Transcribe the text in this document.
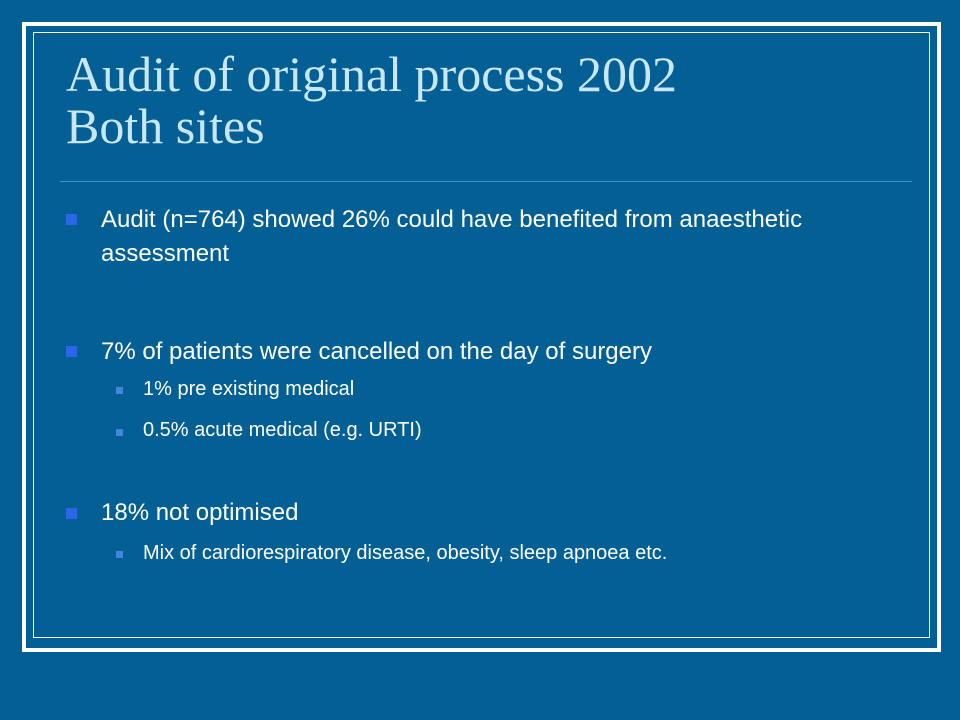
Audit of original process 2002
Both sites
Audit (n=764) showed 26% could have benefited from anaesthetic assessment
7% of patients were cancelled on the day of surgery
1% pre existing medical
0.5% acute medical (e.g. URTI)
18% not optimised
Mix of cardiorespiratory disease, obesity, sleep apnoea etc.
